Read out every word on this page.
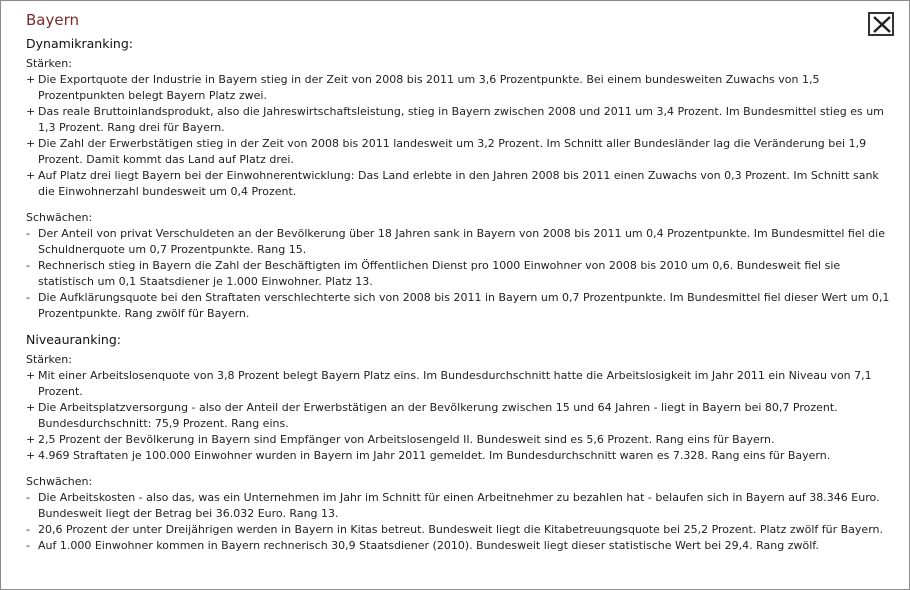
Bayern
Dynamikranking:
Stärken:
+ Die Exportquote der Industrie in Bayern stieg in der Zeit von 2008 bis 2011 um 3,6 Prozentpunkte. Bei einem bundesweiten Zuwachs von 1,5 Prozentpunkten belegt Bayern Platz zwei.
+ Das reale Bruttoinlandsprodukt, also die Jahreswirtschaftsleistung, stieg in Bayern zwischen 2008 und 2011 um 3,4 Prozent. Im Bundesmittel stieg es um 1,3 Prozent. Rang drei für Bayern.
+ Die Zahl der Erwerbstätigen stieg in der Zeit von 2008 bis 2011 landesweit um 3,2 Prozent. Im Schnitt aller Bundesländer lag die Veränderung bei 1,9 Prozent. Damit kommt das Land auf Platz drei.
+ Auf Platz drei liegt Bayern bei der Einwohnerentwicklung: Das Land erlebte in den Jahren 2008 bis 2011 einen Zuwachs von 0,3 Prozent. Im Schnitt sank die Einwohnerzahl bundesweit um 0,4 Prozent.
Schwächen:
- Der Anteil von privat Verschuldeten an der Bevölkerung über 18 Jahren sank in Bayern von 2008 bis 2011 um 0,4 Prozentpunkte. Im Bundesmittel fiel die Schuldnerquote um 0,7 Prozentpunkte. Rang 15.
- Rechnerisch stieg in Bayern die Zahl der Beschäftigten im Öffentlichen Dienst pro 1000 Einwohner von 2008 bis 2010 um 0,6. Bundesweit fiel sie statistisch um 0,1 Staatsdiener je 1.000 Einwohner. Platz 13.
- Die Aufklärungsquote bei den Straftaten verschlechterte sich von 2008 bis 2011 in Bayern um 0,7 Prozentpunkte. Im Bundesmittel fiel dieser Wert um 0,1 Prozentpunkte. Rang zwölf für Bayern.
Niveauranking:
Stärken:
+ Mit einer Arbeitslosenquote von 3,8 Prozent belegt Bayern Platz eins. Im Bundesdurchschnitt hatte die Arbeitslosigkeit im Jahr 2011 ein Niveau von 7,1 Prozent.
+ Die Arbeitsplatzversorgung - also der Anteil der Erwerbstätigen an der Bevölkerung zwischen 15 und 64 Jahren - liegt in Bayern bei 80,7 Prozent. Bundesdurchschnitt: 75,9 Prozent. Rang eins.
+ 2,5 Prozent der Bevölkerung in Bayern sind Empfänger von Arbeitslosengeld II. Bundesweit sind es 5,6 Prozent. Rang eins für Bayern.
+ 4.969 Straftaten je 100.000 Einwohner wurden in Bayern im Jahr 2011 gemeldet. Im Bundesdurchschnitt waren es 7.328. Rang eins für Bayern.
Schwächen:
- Die Arbeitskosten - also das, was ein Unternehmen im Jahr im Schnitt für einen Arbeitnehmer zu bezahlen hat - belaufen sich in Bayern auf 38.346 Euro. Bundesweit liegt der Betrag bei 36.032 Euro. Rang 13.
- 20,6 Prozent der unter Dreijährigen werden in Bayern in Kitas betreut. Bundesweit liegt die Kitabetreuungsquote bei 25,2 Prozent. Platz zwölf für Bayern.
- Auf 1.000 Einwohner kommen in Bayern rechnerisch 30,9 Staatsdiener (2010). Bundesweit liegt dieser statistische Wert bei 29,4. Rang zwölf.
